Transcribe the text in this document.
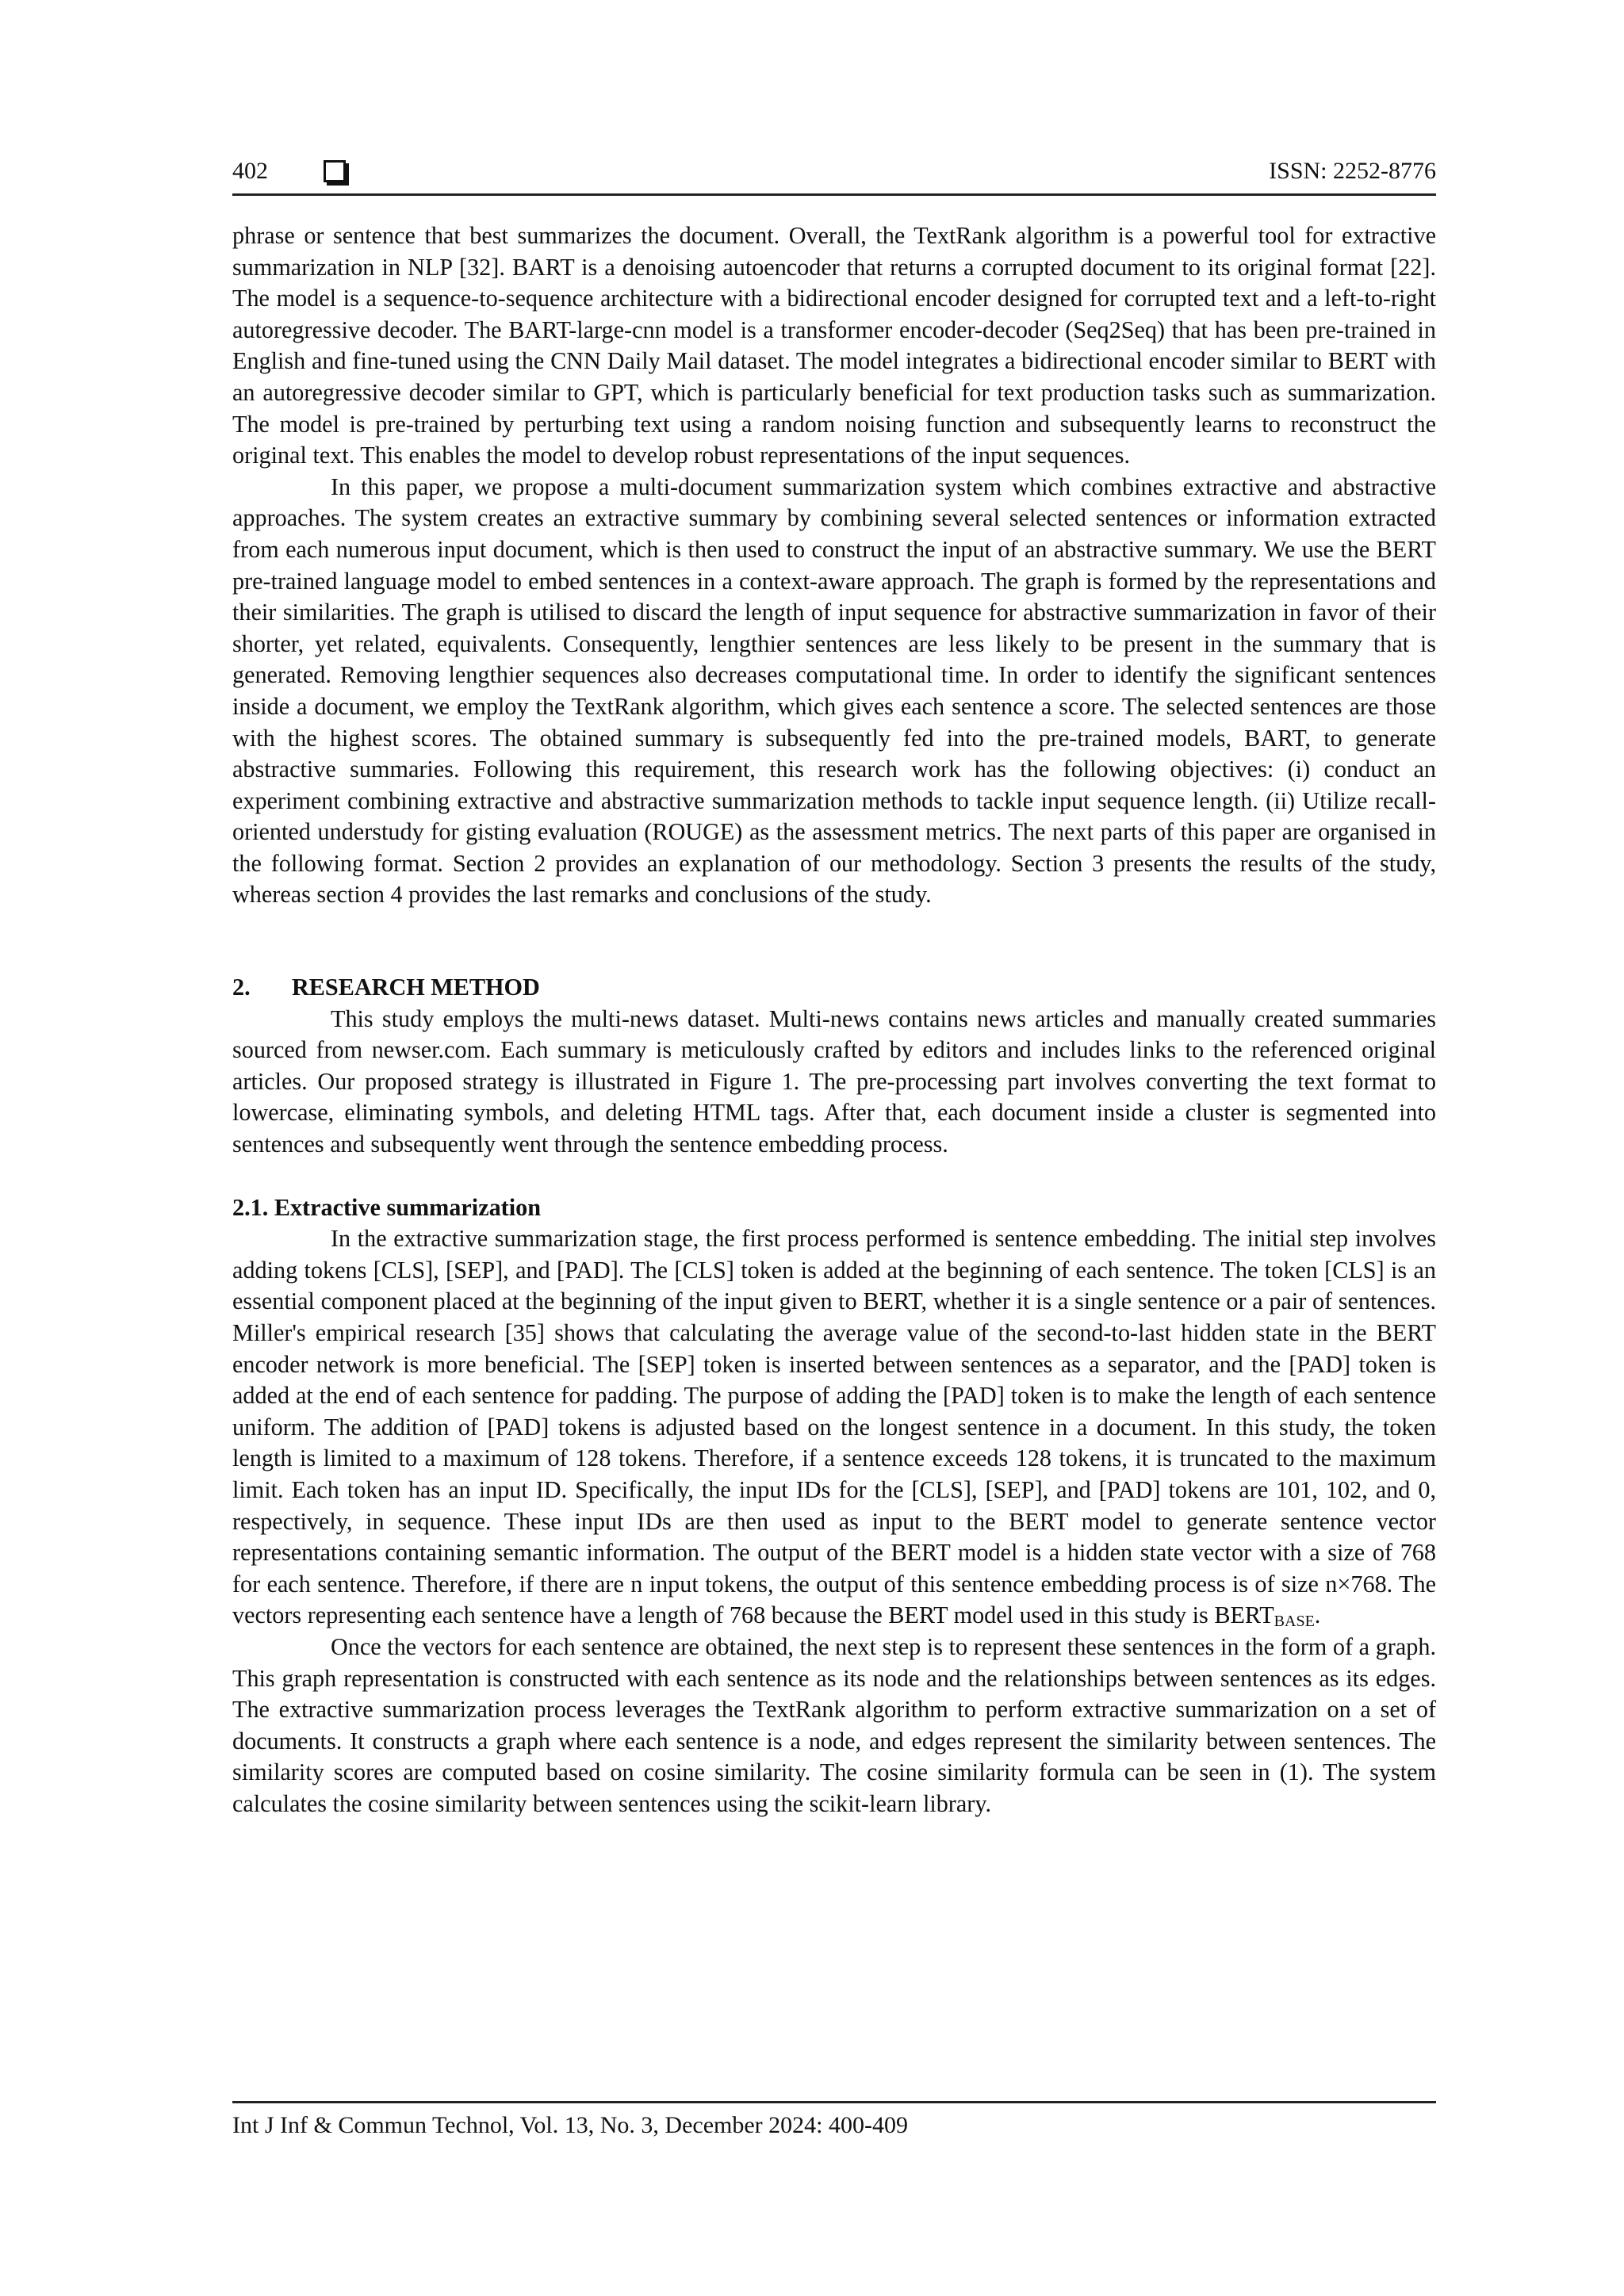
402	ISSN: 2252-8776

phrase or sentence that best summarizes the document. Overall, the TextRank algorithm is a powerful tool for extractive summarization in NLP [32]. BART is a denoising autoencoder that returns a corrupted document to its original format [22]. The model is a sequence-to-sequence architecture with a bidirectional encoder designed for corrupted text and a left-to-right autoregressive decoder. The BART-large-cnn model is a transformer encoder-decoder (Seq2Seq) that has been pre-trained in English and fine-tuned using the CNN Daily Mail dataset. The model integrates a bidirectional encoder similar to BERT with an autoregressive decoder similar to GPT, which is particularly beneficial for text production tasks such as summarization. The model is pre-trained by perturbing text using a random noising function and subsequently learns to reconstruct the original text. This enables the model to develop robust representations of the input sequences.

In this paper, we propose a multi-document summarization system which combines extractive and abstractive approaches. The system creates an extractive summary by combining several selected sentences or information extracted from each numerous input document, which is then used to construct the input of an abstractive summary. We use the BERT pre-trained language model to embed sentences in a context-aware approach. The graph is formed by the representations and their similarities. The graph is utilised to discard the length of input sequence for abstractive summarization in favor of their shorter, yet related, equivalents. Consequently, lengthier sentences are less likely to be present in the summary that is generated. Removing lengthier sequences also decreases computational time. In order to identify the significant sentences inside a document, we employ the TextRank algorithm, which gives each sentence a score. The selected sentences are those with the highest scores. The obtained summary is subsequently fed into the pre-trained models, BART, to generate abstractive summaries. Following this requirement, this research work has the following objectives: (i) conduct an experiment combining extractive and abstractive summarization methods to tackle input sequence length. (ii) Utilize recall-oriented understudy for gisting evaluation (ROUGE) as the assessment metrics. The next parts of this paper are organised in the following format. Section 2 provides an explanation of our methodology. Section 3 presents the results of the study, whereas section 4 provides the last remarks and conclusions of the study.

2. RESEARCH METHOD

This study employs the multi-news dataset. Multi-news contains news articles and manually created summaries sourced from newser.com. Each summary is meticulously crafted by editors and includes links to the referenced original articles. Our proposed strategy is illustrated in Figure 1. The pre-processing part involves converting the text format to lowercase, eliminating symbols, and deleting HTML tags. After that, each document inside a cluster is segmented into sentences and subsequently went through the sentence embedding process.

2.1. Extractive summarization

In the extractive summarization stage, the first process performed is sentence embedding. The initial step involves adding tokens [CLS], [SEP], and [PAD]. The [CLS] token is added at the beginning of each sentence. The token [CLS] is an essential component placed at the beginning of the input given to BERT, whether it is a single sentence or a pair of sentences. Miller's empirical research [35] shows that calculating the average value of the second-to-last hidden state in the BERT encoder network is more beneficial. The [SEP] token is inserted between sentences as a separator, and the [PAD] token is added at the end of each sentence for padding. The purpose of adding the [PAD] token is to make the length of each sentence uniform. The addition of [PAD] tokens is adjusted based on the longest sentence in a document. In this study, the token length is limited to a maximum of 128 tokens. Therefore, if a sentence exceeds 128 tokens, it is truncated to the maximum limit. Each token has an input ID. Specifically, the input IDs for the [CLS], [SEP], and [PAD] tokens are 101, 102, and 0, respectively, in sequence. These input IDs are then used as input to the BERT model to generate sentence vector representations containing semantic information. The output of the BERT model is a hidden state vector with a size of 768 for each sentence. Therefore, if there are n input tokens, the output of this sentence embedding process is of size n×768. The vectors representing each sentence have a length of 768 because the BERT model used in this study is $BERT_{BASE}$.

Once the vectors for each sentence are obtained, the next step is to represent these sentences in the form of a graph. This graph representation is constructed with each sentence as its node and the relationships between sentences as its edges. The extractive summarization process leverages the TextRank algorithm to perform extractive summarization on a set of documents. It constructs a graph where each sentence is a node, and edges represent the similarity between sentences. The similarity scores are computed based on cosine similarity. The cosine similarity formula can be seen in (1). The system calculates the cosine similarity between sentences using the scikit-learn library.

Int J Inf & Commun Technol, Vol. 13, No. 3, December 2024: 400-409
